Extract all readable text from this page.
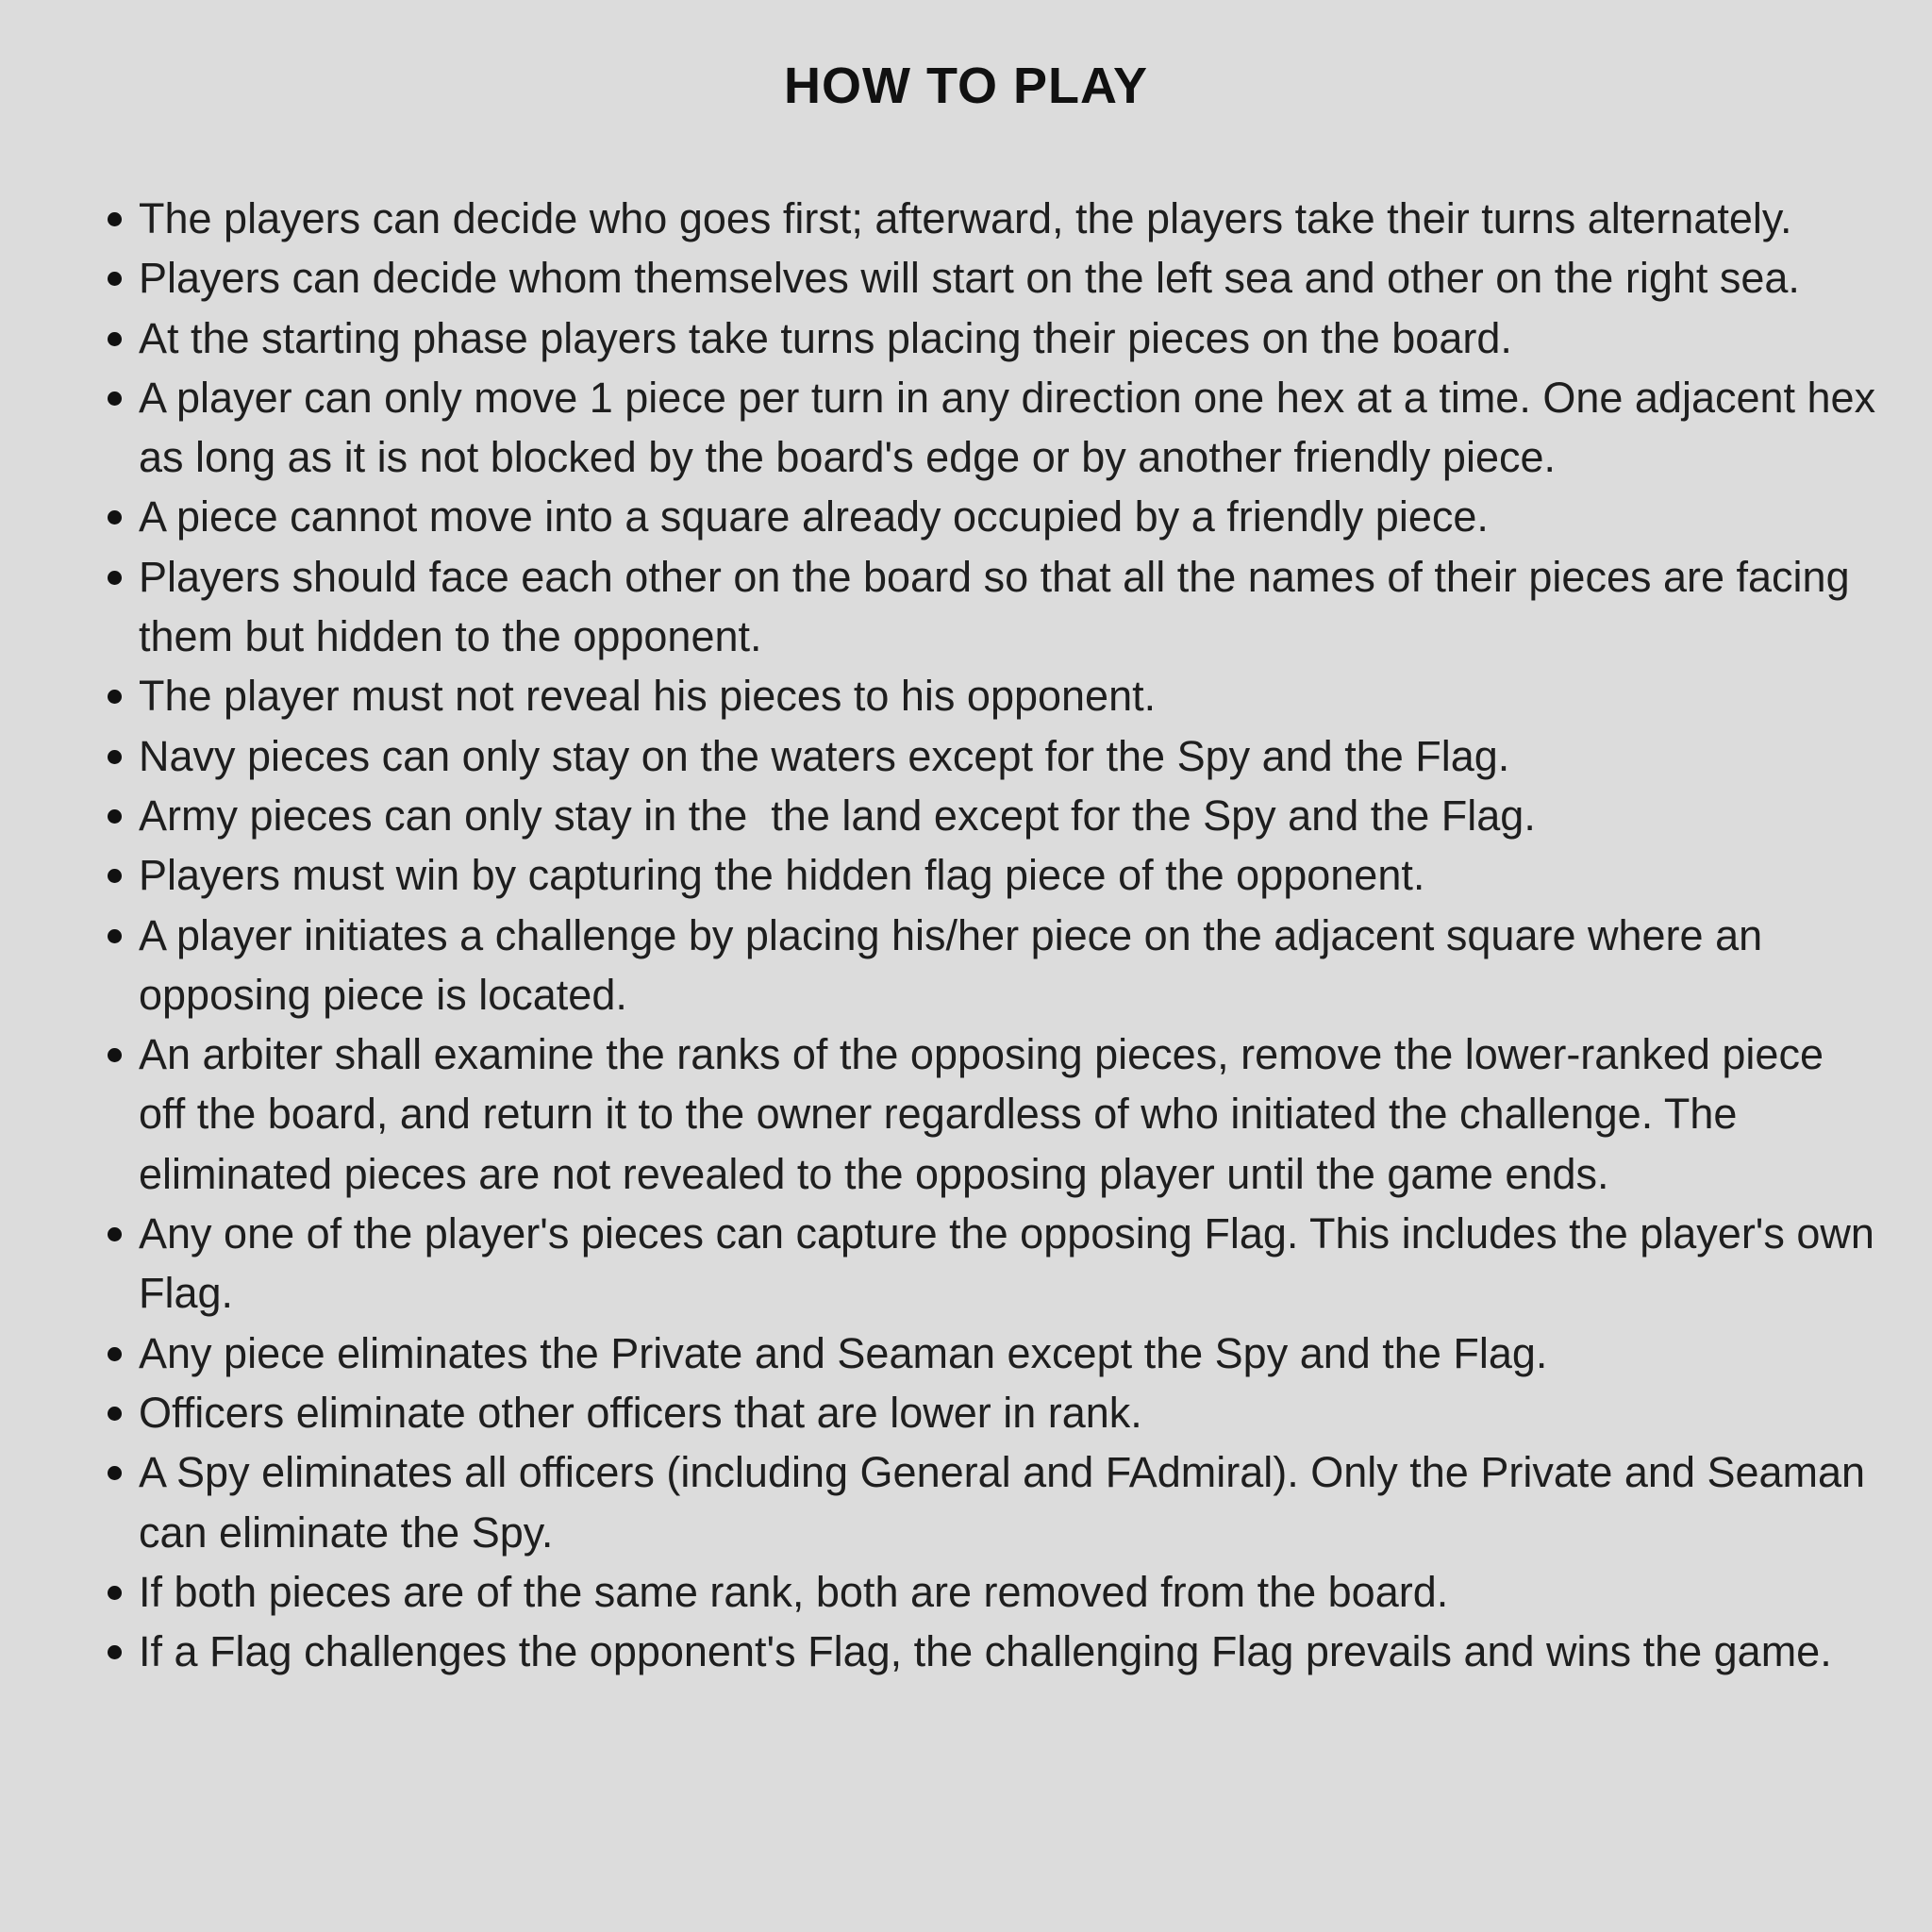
HOW TO PLAY
The players can decide who goes first; afterward, the players take their turns alternately.
Players can decide whom themselves will start on the left sea and other on the right sea.
At the starting phase players take turns placing their pieces on the board.
A player can only move 1 piece per turn in any direction one hex at a time. One adjacent hex as long as it is not blocked by the board's edge or by another friendly piece.
A piece cannot move into a square already occupied by a friendly piece.
Players should face each other on the board so that all the names of their pieces are facing them but hidden to the opponent.
The player must not reveal his pieces to his opponent.
Navy pieces can only stay on the waters except for the Spy and the Flag.
Army pieces can only stay in the  the land except for the Spy and the Flag.
Players must win by capturing the hidden flag piece of the opponent.
A player initiates a challenge by placing his/her piece on the adjacent square where an opposing piece is located.
An arbiter shall examine the ranks of the opposing pieces, remove the lower-ranked piece off the board, and return it to the owner regardless of who initiated the challenge. The eliminated pieces are not revealed to the opposing player until the game ends.
Any one of the player's pieces can capture the opposing Flag. This includes the player's own Flag.
Any piece eliminates the Private and Seaman except the Spy and the Flag.
Officers eliminate other officers that are lower in rank.
A Spy eliminates all officers (including General and FAdmiral). Only the Private and Seaman can eliminate the Spy.
If both pieces are of the same rank, both are removed from the board.
If a Flag challenges the opponent's Flag, the challenging Flag prevails and wins the game.
